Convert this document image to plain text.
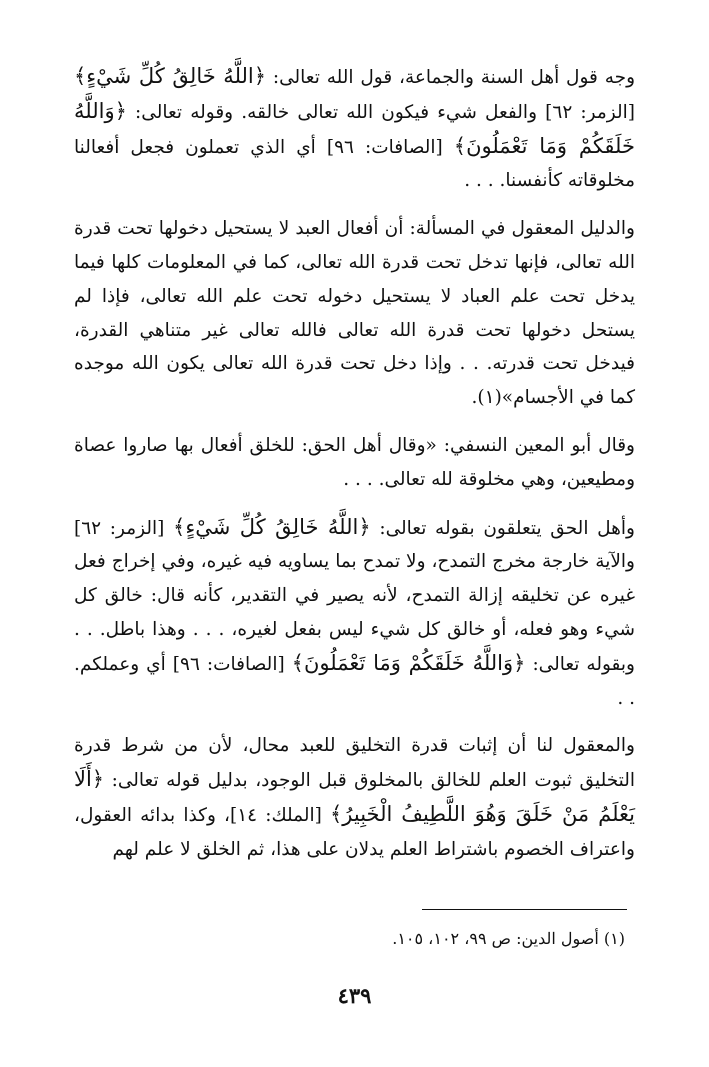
وجه قول أهل السنة والجماعة، قول الله تعالى: ﴿اللَّهُ خَالِقُ كُلِّ شَيْءٍ﴾ [الزمر: ٦٢] والفعل شيء فيكون الله تعالى خالقه. وقوله تعالى: ﴿وَاللَّهُ خَلَقَكُمْ وَمَا تَعْمَلُونَ﴾ [الصافات: ٩٦] أي الذي تعملون فجعل أفعالنا مخلوقاته كأنفسنا. . . .

والدليل المعقول في المسألة: أن أفعال العبد لا يستحيل دخولها تحت قدرة الله تعالى، فإنها تدخل تحت قدرة الله تعالى، كما في المعلومات كلها فيما يدخل تحت علم العباد لا يستحيل دخوله تحت علم الله تعالى، فإذا لم يستحل دخولها تحت قدرة الله تعالى فالله تعالى غير متناهي القدرة، فيدخل تحت قدرته. . . وإذا دخل تحت قدرة الله تعالى يكون الله موجده كما في الأجسام»(١).

وقال أبو المعين النسفي: «وقال أهل الحق: للخلق أفعال بها صاروا عصاة ومطيعين، وهي مخلوقة لله تعالى. . . .

وأهل الحق يتعلقون بقوله تعالى: ﴿اللَّهُ خَالِقُ كُلِّ شَيْءٍ﴾ [الزمر: ٦٢] والآية خارجة مخرج التمدح، ولا تمدح بما يساويه فيه غيره، وفي إخراج فعل غيره عن تخليقه إزالة التمدح، لأنه يصير في التقدير، كأنه قال: خالق كل شيء وهو فعله، أو خالق كل شيء ليس بفعل لغيره، . . . وهذا باطل. . . وبقوله تعالى: ﴿وَاللَّهُ خَلَقَكُمْ وَمَا تَعْمَلُونَ﴾ [الصافات: ٩٦] أي وعملكم. . .

والمعقول لنا أن إثبات قدرة التخليق للعبد محال، لأن من شرط قدرة التخليق ثبوت العلم للخالق بالمخلوق قبل الوجود، بدليل قوله تعالى: ﴿أَلَا يَعْلَمُ مَنْ خَلَقَ وَهُوَ اللَّطِيفُ الْخَبِيرُ﴾ [الملك: ١٤]، وكذا بدائه العقول، واعتراف الخصوم باشتراط العلم يدلان على هذا، ثم الخلق لا علم لهم

(١) أصول الدين: ص ٩٩، ١٠٢، ١٠٥.
٤٣٩
